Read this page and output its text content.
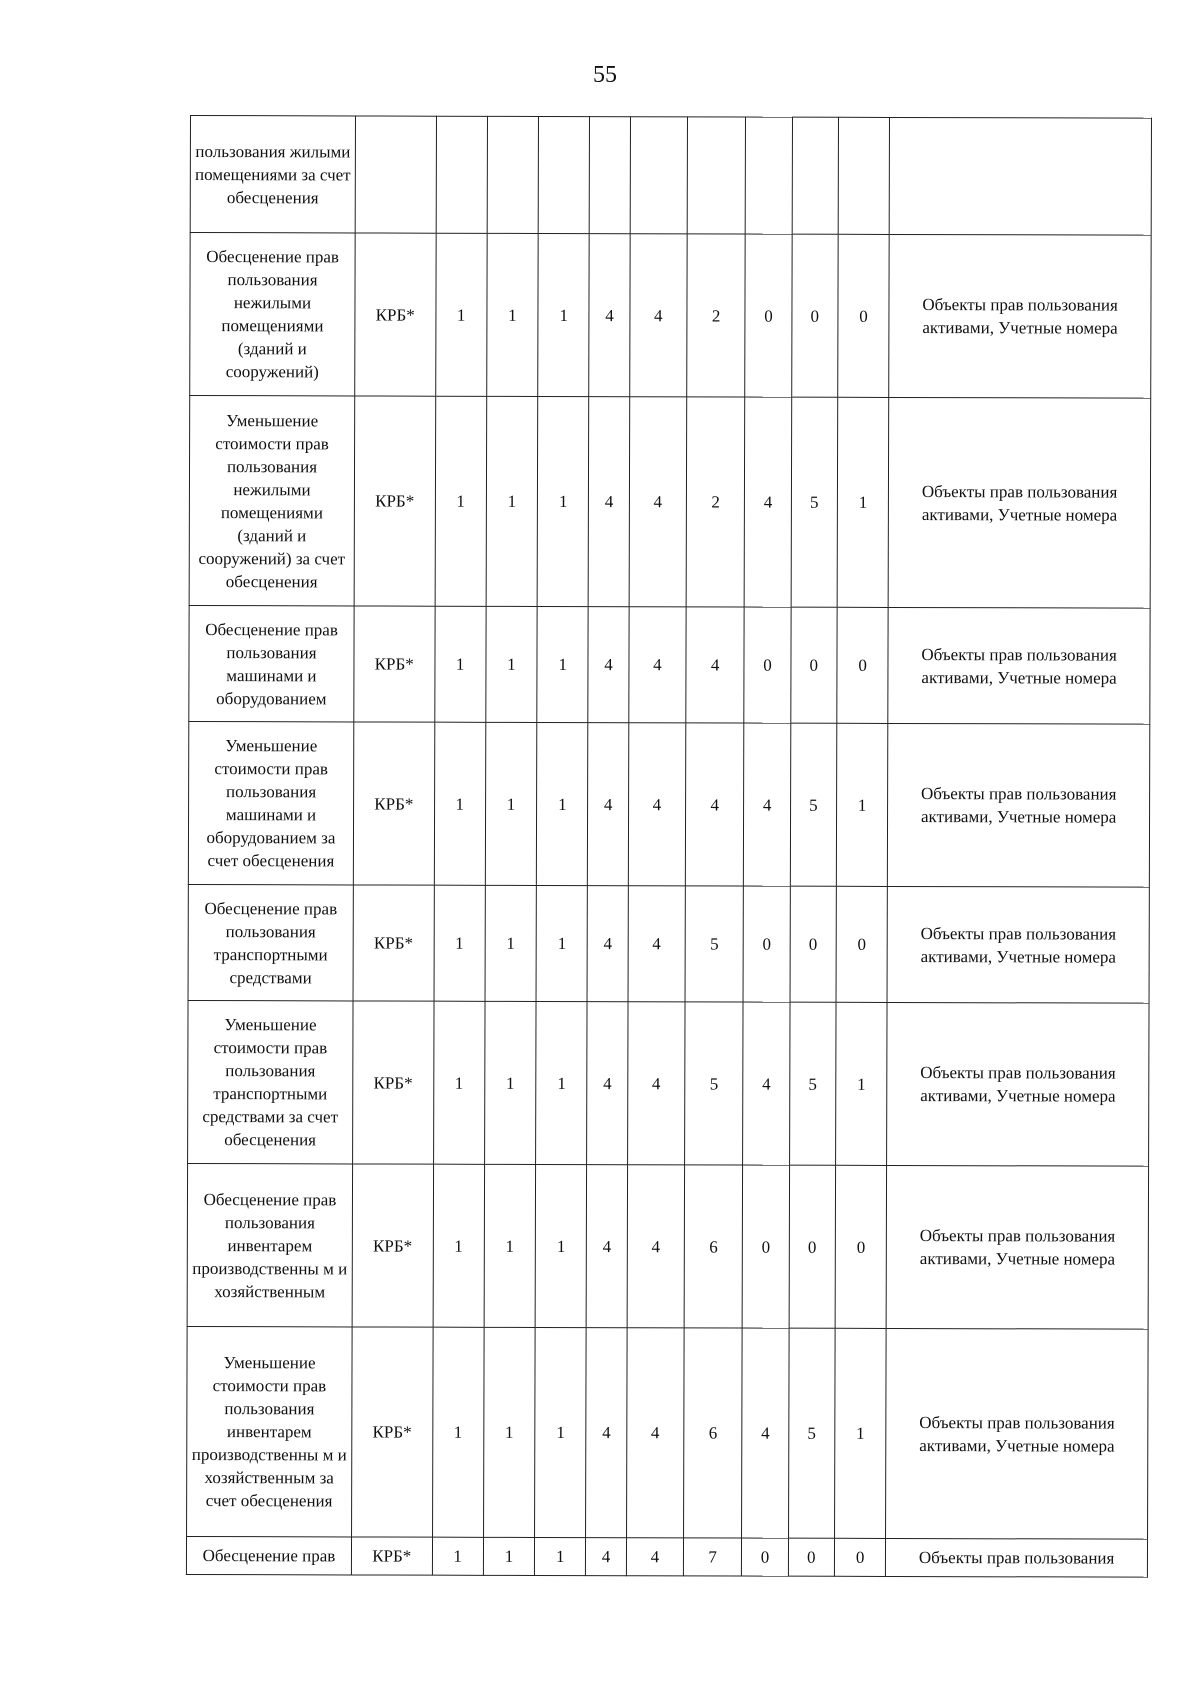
55
пользования жилыми помещениями за счет обесценения											
Обесценение прав пользования нежилыми помещениями (зданий и сооружений)	КРБ*	1	1	1	4	4	2	0	0	0	Объекты прав пользования активами, Учетные номера
Уменьшение стоимости прав пользования нежилыми помещениями (зданий и сооружений) за счет обесценения	КРБ*	1	1	1	4	4	2	4	5	1	Объекты прав пользования активами, Учетные номера
Обесценение прав пользования машинами и оборудованием	КРБ*	1	1	1	4	4	4	0	0	0	Объекты прав пользования активами, Учетные номера
Уменьшение стоимости прав пользования машинами и оборудованием за счет обесценения	КРБ*	1	1	1	4	4	4	4	5	1	Объекты прав пользования активами, Учетные номера
Обесценение прав пользования транспортными средствами	КРБ*	1	1	1	4	4	5	0	0	0	Объекты прав пользования активами, Учетные номера
Уменьшение стоимости прав пользования транспортными средствами за счет обесценения	КРБ*	1	1	1	4	4	5	4	5	1	Объекты прав пользования активами, Учетные номера
Обесценение прав пользования инвентарем производственны м и хозяйственным	КРБ*	1	1	1	4	4	6	0	0	0	Объекты прав пользования активами, Учетные номера
Уменьшение стоимости прав пользования инвентарем производственны м и хозяйственным за счет обесценения	КРБ*	1	1	1	4	4	6	4	5	1	Объекты прав пользования активами, Учетные номера
Обесценение прав	КРБ*	1	1	1	4	4	7	0	0	0	Объекты прав пользования
